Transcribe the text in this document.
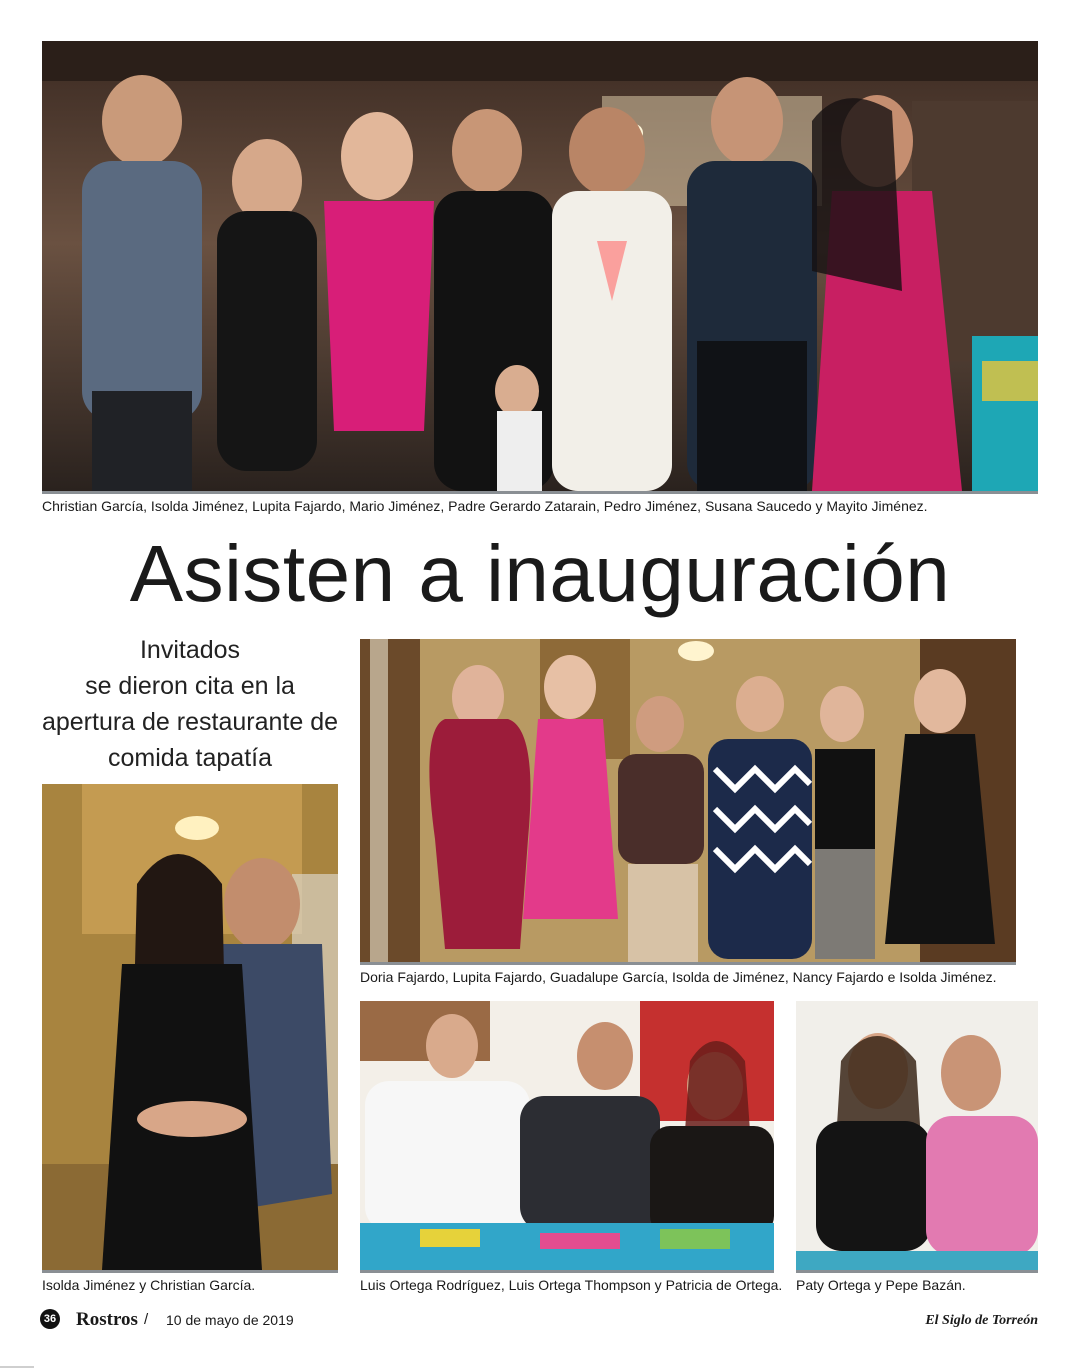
Christian García, Isolda Jiménez, Lupita Fajardo, Mario Jiménez, Padre Gerardo Zatarain, Pedro Jiménez, Susana Saucedo y Mayito Jiménez.
Asisten a inauguración
Invitados
se dieron cita en la
apertura de restaurante de
comida tapatía
Doria Fajardo, Lupita Fajardo, Guadalupe García, Isolda de Jiménez, Nancy Fajardo e Isolda Jiménez.
Isolda Jiménez y Christian García.	Luis Ortega Rodríguez, Luis Ortega Thompson y Patricia de Ortega. Paty Ortega y Pepe Bazán.
36 Rostros / 10 de mayo de 2019	El Siglo de Torreón
